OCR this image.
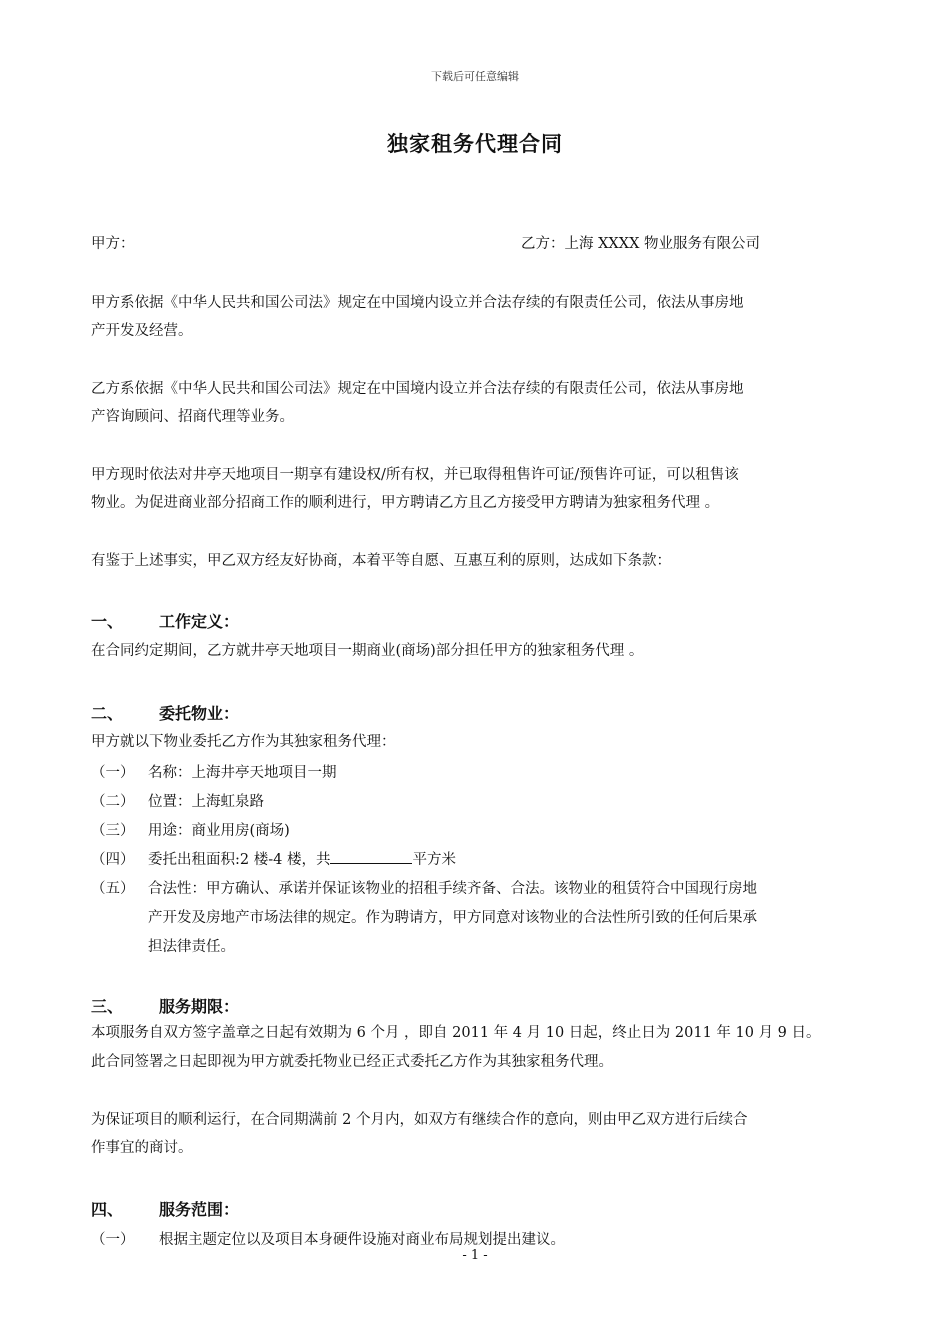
下载后可任意编辑
独家租务代理合同
甲方：	乙方：上海 XXXX 物业服务有限公司
甲方系依据《中华人民共和国公司法》规定在中国境内设立并合法存续的有限责任公司，依法从事房地
产开发及经营。
乙方系依据《中华人民共和国公司法》规定在中国境内设立并合法存续的有限责任公司，依法从事房地
产咨询顾问、招商代理等业务。
甲方现时依法对井亭天地项目一期享有建设权/所有权，并已取得租售许可证/预售许可证，可以租售该
物业。为促进商业部分招商工作的顺利进行，甲方聘请乙方且乙方接受甲方聘请为独家租务代理 。
有鉴于上述事实，甲乙双方经友好协商，本着平等自愿、互惠互利的原则，达成如下条款：
一、 工作定义：
在合同约定期间，乙方就井亭天地项目一期商业(商场)部分担任甲方的独家租务代理 。
二、 委托物业：
甲方就以下物业委托乙方作为其独家租务代理：
（一） 名称：上海井亭天地项目一期
（二） 位置：上海虹泉路
（三） 用途：商业用房(商场)
（四） 委托出租面积:2 楼-4 楼，共	平方米
（五） 合法性：甲方确认、承诺并保证该物业的招租手续齐备、合法。该物业的租赁符合中国现行房地
产开发及房地产市场法律的规定。作为聘请方，甲方同意对该物业的合法性所引致的任何后果承
担法律责任。
三、 服务期限：
本项服务自双方签字盖章之日起有效期为 6 个月 ，即自 2011 年 4 月 10 日起，终止日为 2011 年 10 月 9 日。
此合同签署之日起即视为甲方就委托物业已经正式委托乙方作为其独家租务代理。
为保证项目的顺利运行，在合同期满前 2 个月内，如双方有继续合作的意向，则由甲乙双方进行后续合
作事宜的商讨。
四、 服务范围：
（一） 根据主题定位以及项目本身硬件设施对商业布局规划提出建议。
- 1 -
